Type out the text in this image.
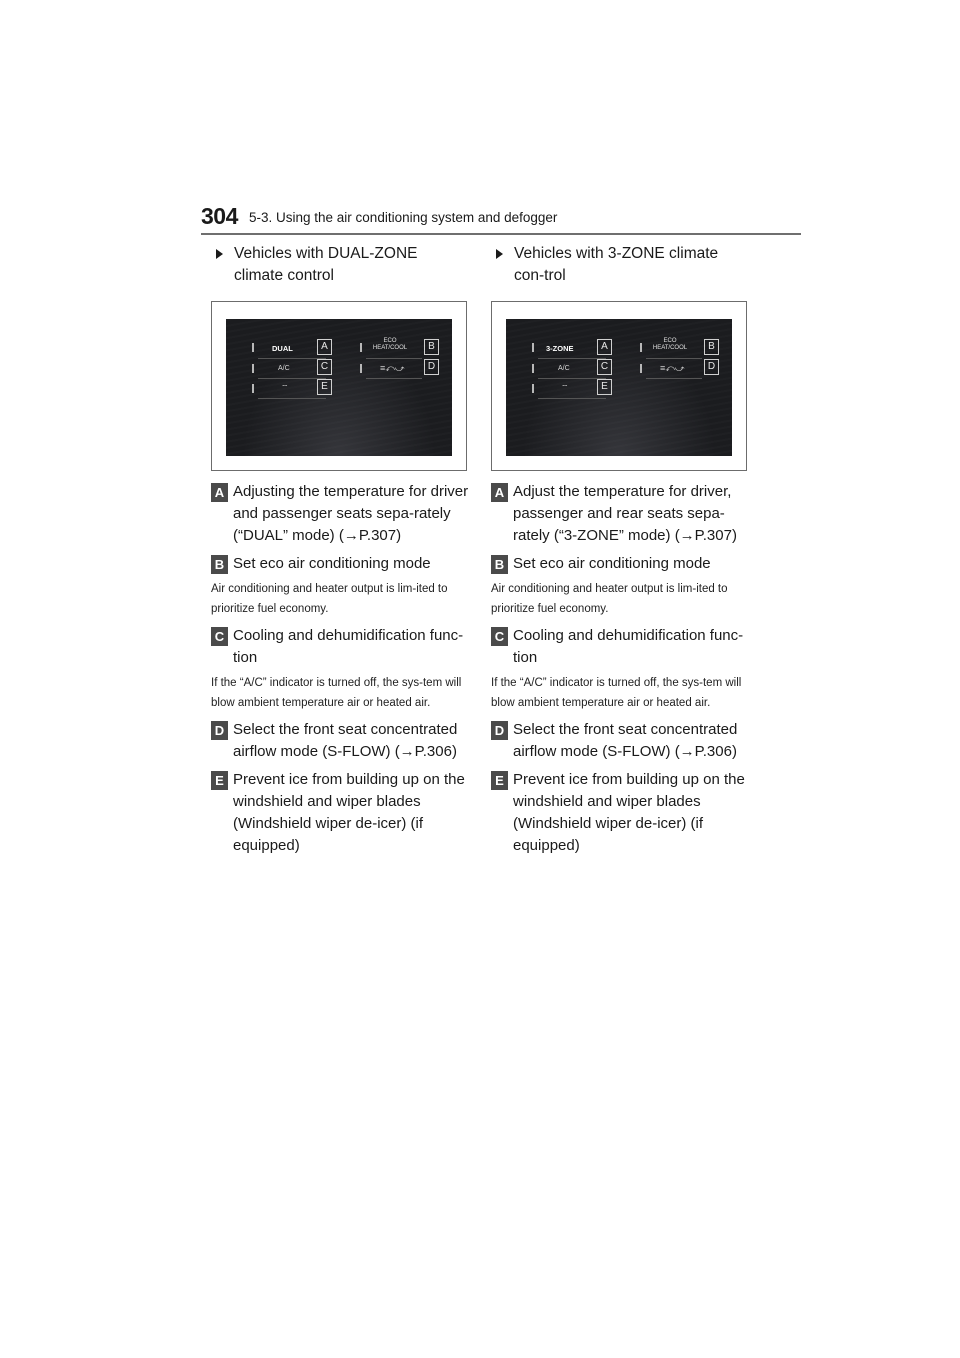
304 5-3. Using the air conditioning system and defogger
Vehicles with DUAL-ZONE climate control
DUAL
A/C
ECO
HEAT/COOL
≡⤺⤻
⌔
A	B
C	D
E
A Adjusting the temperature for driver and passenger seats sepa-rately (“DUAL” mode) (→P.307)
B Set eco air conditioning mode
Air conditioning and heater output is lim-ited to prioritize fuel economy.
C Cooling and dehumidification func-tion
If the “A/C” indicator is turned off, the sys-tem will blow ambient temperature air or heated air.
D Select the front seat concentrated airflow mode (S-FLOW) (→P.306)
E Prevent ice from building up on the windshield and wiper blades (Windshield wiper de-icer) (if equipped)
Vehicles with 3-ZONE climate con-trol
3-ZONE
A/C
ECO
HEAT/COOL
≡⤺⤻
⌔
A	B
C	D
E
A Adjust the temperature for driver, passenger and rear seats sepa-rately (“3-ZONE” mode) (→P.307)
B Set eco air conditioning mode
Air conditioning and heater output is lim-ited to prioritize fuel economy.
C Cooling and dehumidification func-tion
If the “A/C” indicator is turned off, the sys-tem will blow ambient temperature air or heated air.
D Select the front seat concentrated airflow mode (S-FLOW) (→P.306)
E Prevent ice from building up on the windshield and wiper blades (Windshield wiper de-icer) (if equipped)
